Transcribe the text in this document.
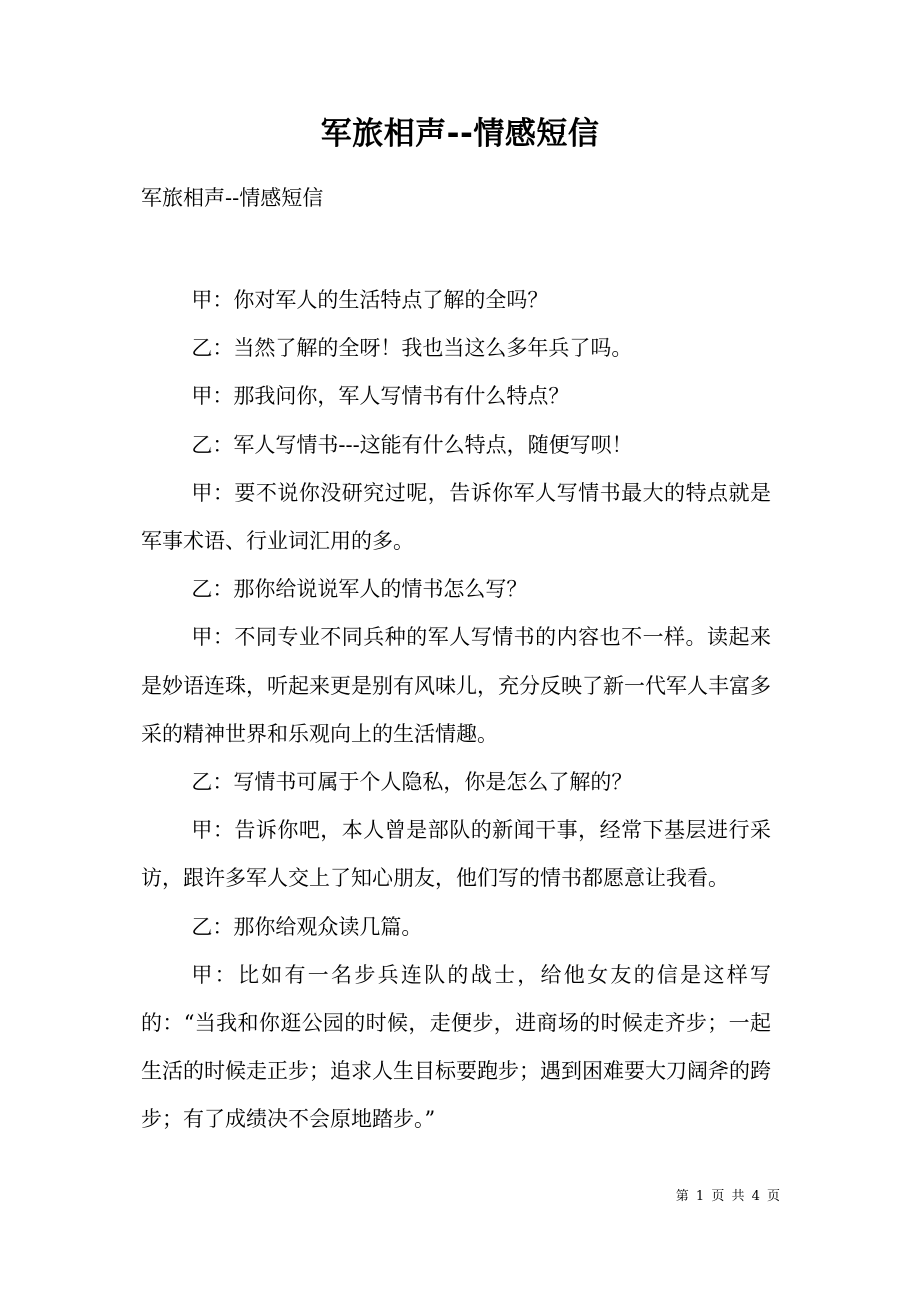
军旅相声--情感短信
军旅相声--情感短信

甲：你对军人的生活特点了解的全吗？

乙：当然了解的全呀！我也当这么多年兵了吗。

甲：那我问你，军人写情书有什么特点？

乙：军人写情书---这能有什么特点，随便写呗！

甲：要不说你没研究过呢，告诉你军人写情书最大的特点就是军事术语、行业词汇用的多。

乙：那你给说说军人的情书怎么写？

甲：不同专业不同兵种的军人写情书的内容也不一样。读起来是妙语连珠，听起来更是别有风味儿，充分反映了新一代军人丰富多采的精神世界和乐观向上的生活情趣。

乙：写情书可属于个人隐私，你是怎么了解的？

甲：告诉你吧，本人曾是部队的新闻干事，经常下基层进行采访，跟许多军人交上了知心朋友，他们写的情书都愿意让我看。

乙：那你给观众读几篇。

甲：比如有一名步兵连队的战士，给他女友的信是这样写的：“当我和你逛公园的时候，走便步，进商场的时候走齐步；一起生活的时候走正步；追求人生目标要跑步；遇到困难要大刀阔斧的跨步；有了成绩决不会原地踏步。”

第 1 页 共 4 页
